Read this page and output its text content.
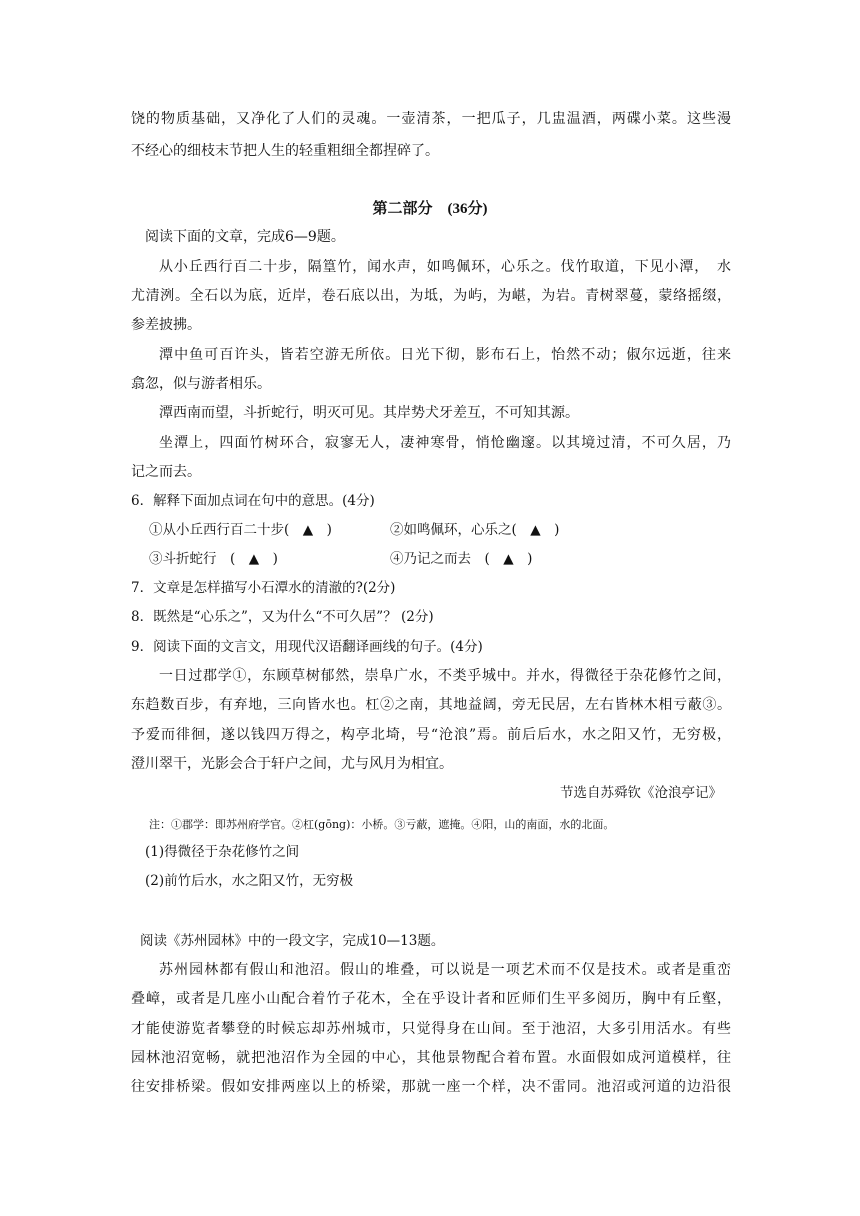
饶的物质基础，又净化了人们的灵魂。一壶清茶，一把瓜子，几盅温酒，两碟小菜。这些漫
不经心的细枝末节把人生的轻重粗细全都捏碎了。
第二部分　(36分)
阅读下面的文章，完成6—9题。
从小丘西行百二十步，隔篁竹，闻水声，如鸣佩环，心乐之。伐竹取道，下见小潭，　水
尤清洌。全石以为底，近岸，卷石底以出，为坻，为屿，为嵁，为岩。青树翠蔓，蒙络摇缀，
参差披拂。
潭中鱼可百许头，皆若空游无所依。日光下彻，影布石上，怡然不动；俶尔远逝，往来
翕忽，似与游者相乐。
潭西南而望，斗折蛇行，明灭可见。其岸势犬牙差互，不可知其源。
坐潭上，四面竹树环合，寂寥无人，凄神寒骨，悄怆幽邃。以其境过清，不可久居，乃
记之而去。
6．解释下面加点词在句中的意思。(4分)
①从小丘西行百二十步(　▲　)	②如鸣佩环，心乐之(　▲　)
③斗折蛇行　(　▲　)	④乃记之而去　(　▲　)
7．文章是怎样描写小石潭水的清澈的?(2分)
8．既然是“心乐之”，又为什么“不可久居”？ (2分)
9．阅读下面的文言文，用现代汉语翻译画线的句子。(4分)
一日过郡学①，东顾草树郁然，崇阜广水，不类乎城中。并水，得微径于杂花修竹之间，
东趋数百步，有弃地，三向皆水也。杠②之南，其地益阔，旁无民居，左右皆林木相亏蔽③。
予爱而徘徊，遂以钱四万得之，构亭北埼，号“沧浪”焉。前后后水，水之阳又竹，无穷极，
澄川翠干，光影会合于轩户之间，尤与风月为相宜。
节选自苏舜钦《沧浪亭记》
注：①郡学：即苏州府学官。②杠(gōng)：小桥。③亏蔽，遮掩。④阳，山的南面，水的北面。
(1)得微径于杂花修竹之间
(2)前竹后水，水之阳又竹，无穷极
阅读《苏州园林》中的一段文字，完成10—13题。
苏州园林都有假山和池沼。假山的堆叠，可以说是一项艺术而不仅是技术。或者是重峦
叠嶂，或者是几座小山配合着竹子花木，全在乎设计者和匠师们生平多阅历，胸中有丘壑，
才能使游览者攀登的时候忘却苏州城市，只觉得身在山间。至于池沼，大多引用活水。有些
园林池沼宽畅，就把池沼作为全园的中心，其他景物配合着布置。水面假如成河道模样，往
往安排桥梁。假如安排两座以上的桥梁，那就一座一个样，决不雷同。池沼或河道的边沿很
